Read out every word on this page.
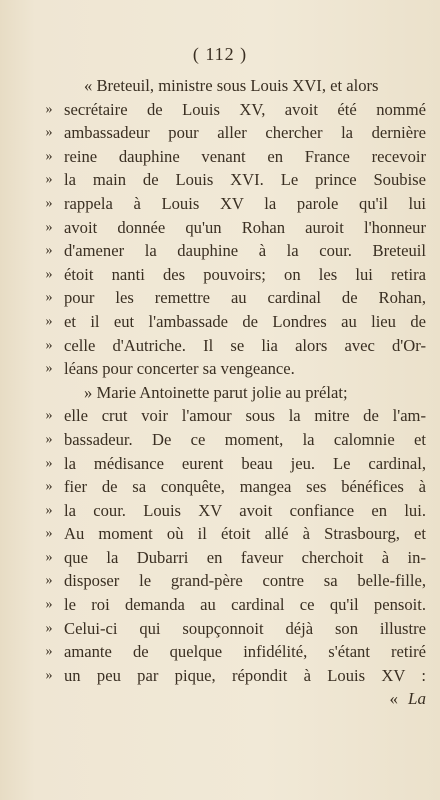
( 112 )
« Breteuil, ministre sous Louis XVI, et alors
» secrétaire de Louis XV, avoit été nommé
» ambassadeur pour aller chercher la dernière
» reine dauphine venant en France recevoir
» la main de Louis XVI. Le prince Soubise
» rappela à Louis XV la parole qu'il lui
» avoit donnée qu'un Rohan auroit l'honneur
» d'amener la dauphine à la cour. Breteuil
» étoit nanti des pouvoirs; on les lui retira
» pour les remettre au cardinal de Rohan,
» et il eut l'ambassade de Londres au lieu de
» celle d'Autriche. Il se lia alors avec d'Or-
» léans pour concerter sa vengeance.
» Marie Antoinette parut jolie au prélat;
» elle crut voir l'amour sous la mitre de l'am-
» bassadeur. De ce moment, la calomnie et
» la médisance eurent beau jeu. Le cardinal,
» fier de sa conquête, mangea ses bénéfices à
» la cour. Louis XV avoit confiance en lui.
» Au moment où il étoit allé à Strasbourg, et
» que la Dubarri en faveur cherchoit à in-
» disposer le grand-père contre sa belle-fille,
» le roi demanda au cardinal ce qu'il pensoit.
» Celui-ci qui soupçonnoit déjà son illustre
» amante de quelque infidélité, s'étant retiré
» un peu par pique, répondit à Louis XV :
« La
